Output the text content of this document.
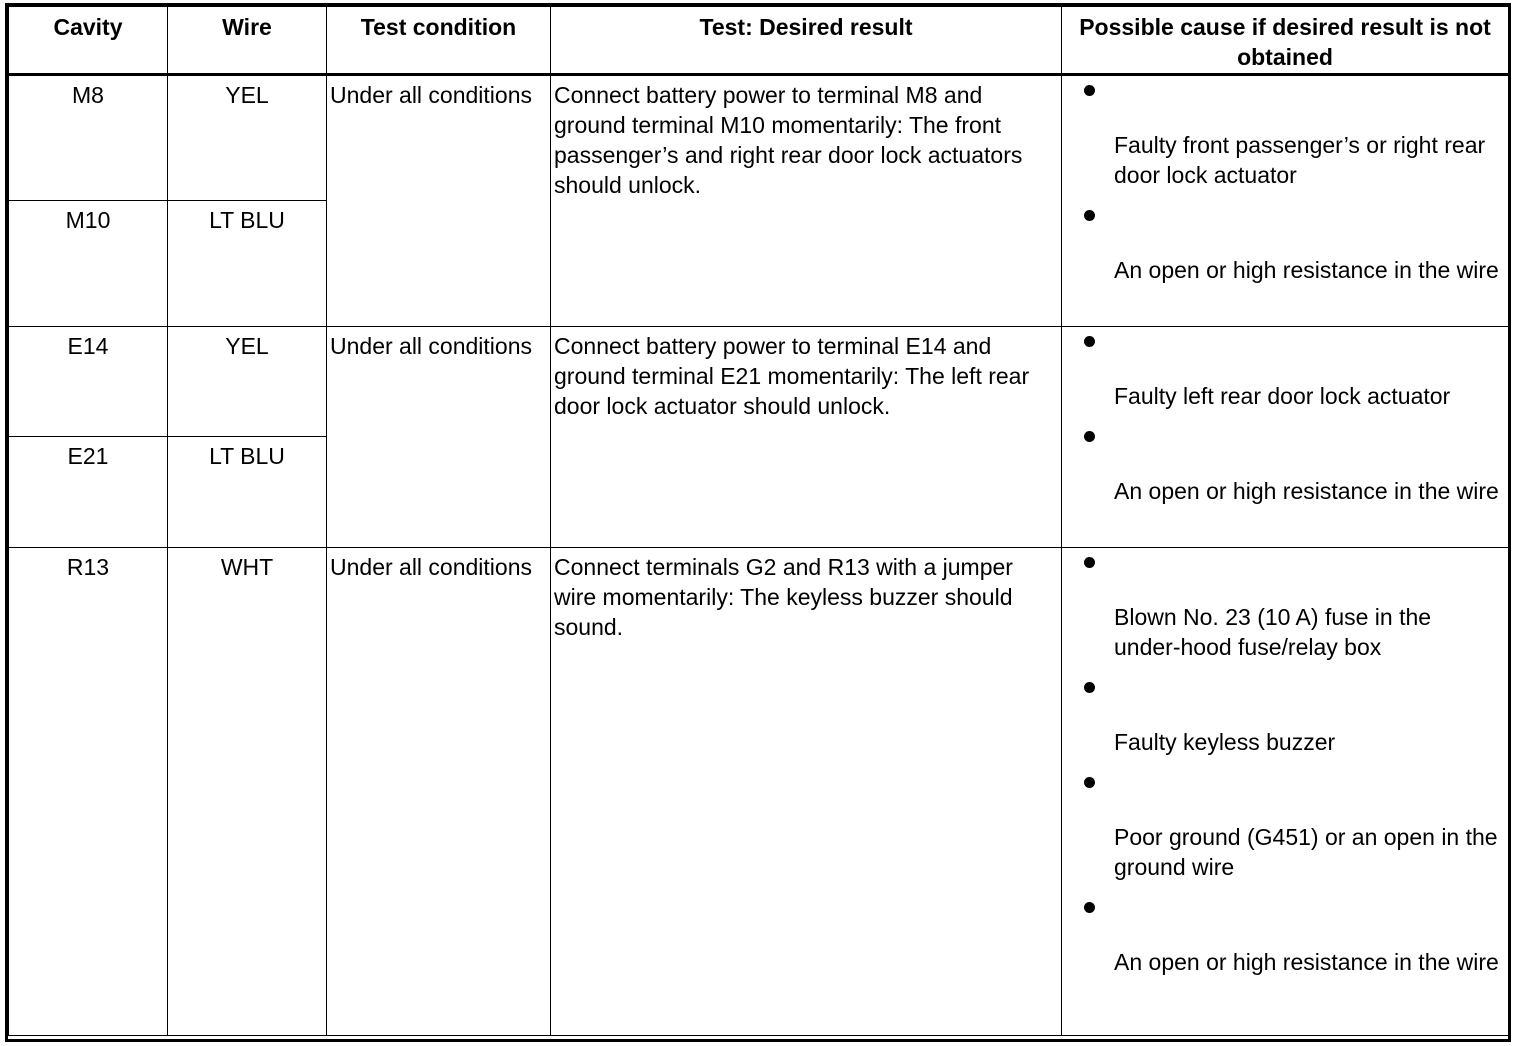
Cavity	Wire	Test condition	Test: Desired result	Possible cause if desired result is not obtained
M8	YEL	Under all conditions	Connect battery power to terminal M8 and ground terminal M10 momentarily: The front passenger’s and right rear door lock actuators should unlock.	Faulty front passenger’s or right rear door lock actuator
An open or high resistance in the wire

M10	LT BLU			
E14	YEL	Under all conditions	Connect battery power to terminal E14 and ground terminal E21 momentarily: The left rear door lock actuator should unlock.	Faulty left rear door lock actuator
An open or high resistance in the wire

E21	LT BLU			
R13	WHT	Under all conditions	Connect terminals G2 and R13 with a jumper wire momentarily: The keyless buzzer should sound.	Blown No. 23 (10 A) fuse in the under-hood fuse/relay box
Faulty keyless buzzer
Poor ground (G451) or an open in the ground wire
An open or high resistance in the wire
